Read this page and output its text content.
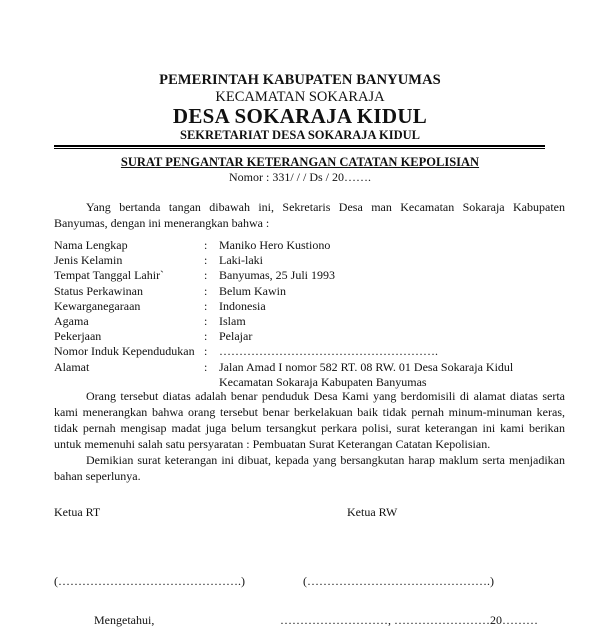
PEMERINTAH KABUPATEN BANYUMAS
KECAMATAN SOKARAJA
DESA SOKARAJA KIDUL
SEKRETARIAT DESA SOKARAJA KIDUL
SURAT PENGANTAR KETERANGAN CATATAN KEPOLISIAN
Nomor : 331/ / / Ds / 20…….
Yang bertanda tangan dibawah ini, Sekretaris Desa man Kecamatan Sokaraja Kabupaten Banyumas, dengan ini menerangkan bahwa :
Nama Lengkap	: Maniko Hero Kustiono
Jenis Kelamin	: Laki-laki
Tempat Tanggal Lahir`	: Banyumas, 25 Juli 1993
Status Perkawinan	: Belum Kawin
Kewarganegaraan	: Indonesia
Agama	: Islam
Pekerjaan	: Pelajar
Nomor Induk Kependudukan : ……………………………………………….
Alamat	: Jalan Amad I nomor 582 RT. 08 RW. 01 Desa Sokaraja Kidul
Kecamatan Sokaraja Kabupaten Banyumas
Orang tersebut diatas adalah benar penduduk Desa Kami yang berdomisili di alamat diatas serta kami menerangkan bahwa orang tersebut benar berkelakuan baik tidak pernah minum-minuman keras, tidak pernah mengisap madat juga belum tersangkut perkara polisi, surat keterangan ini kami berikan untuk memenuhi salah satu persyaratan : Pembuatan Surat Keterangan Catatan Kepolisian.
Demikian surat keterangan ini dibuat, kepada yang bersangkutan harap maklum serta menjadikan bahan seperlunya.
Ketua RT	Ketua RW
(……………………………………….)	(……………………………………….)
Mengetahui,	………………………, ……………………20………
